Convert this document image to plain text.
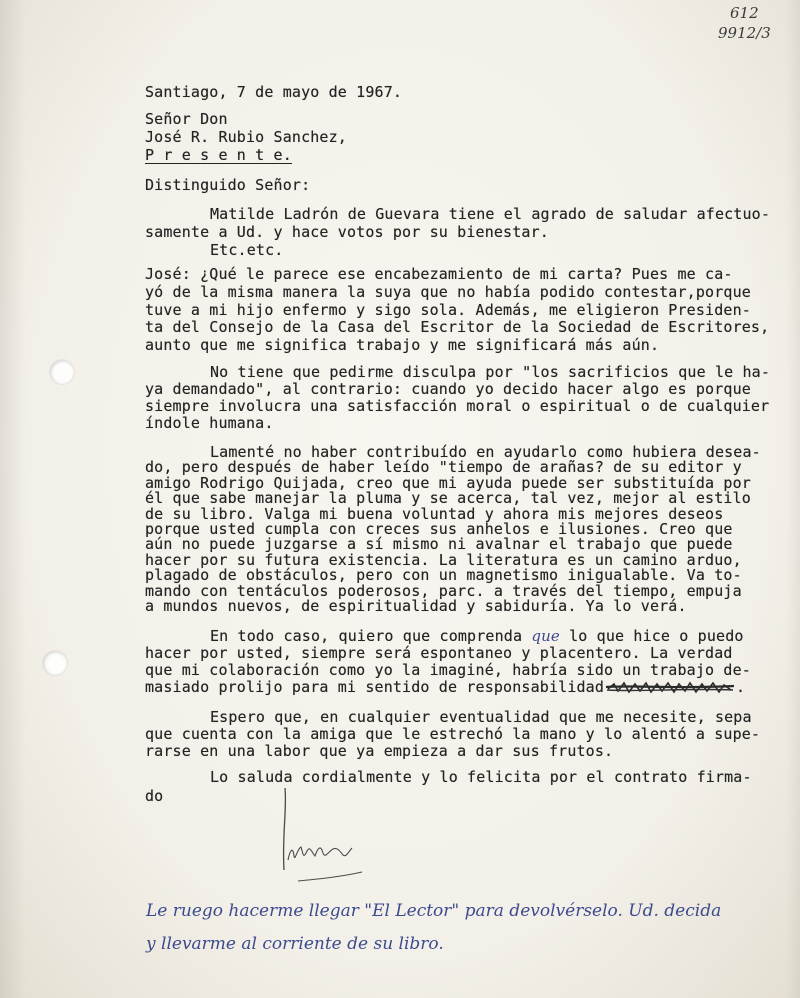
612
9912/3
Santiago, 7 de mayo de 1967.
Señor Don
José R. Rubio Sanchez,
P r e s e n t e.
Distinguido Señor:
Matilde Ladrón de Guevara tiene el agrado de saludar afectuo-
samente a Ud. y hace votos por su bienestar.
Etc.etc.
José: ¿Qué le parece ese encabezamiento de mi carta? Pues me ca-
yó de la misma manera la suya que no había podido contestar,porque
tuve a mi hijo enfermo y sigo sola. Además, me eligieron Presiden-
ta del Consejo de la Casa del Escritor de la Sociedad de Escritores,
aunto que me significa trabajo y me significará más aún.
No tiene que pedirme disculpa por "los sacrificios que le ha-
ya demandado", al contrario: cuando yo decido hacer algo es porque
siempre involucra una satisfacción moral o espiritual o de cualquier
índole humana.
Lamenté no haber contribuído en ayudarlo como hubiera desea-
do, pero después de haber leído "tiempo de arañas? de su editor y
amigo Rodrigo Quijada, creo que mi ayuda puede ser substituída por
él que sabe manejar la pluma y se acerca, tal vez, mejor al estilo
de su libro. Valga mi buena voluntad y ahora mis mejores deseos
porque usted cumpla con creces sus anhelos e ilusiones. Creo que
aún no puede juzgarse a sí mismo ni avalnar el trabajo que puede
hacer por su futura existencia. La literatura es un camino arduo,
plagado de obstáculos, pero con un magnetismo inigualable. Va to-
mando con tentáculos poderosos, parc. a través del tiempo, empuja
a mundos nuevos, de espiritualidad y sabiduría. Ya lo verá.
En todo caso, quiero que comprenda que lo que hice o puedo
hacer por usted, siempre será espontaneo y placentero. La verdad
que mi colaboración como yo la imaginé, habría sido un trabajo de-
masiado prolijo para mi sentido de responsabilidad	.
Espero que, en cualquier eventualidad que me necesite, sepa
que cuenta con la amiga que le estrechó la mano y lo alentó a supe-
rarse en una labor que ya empieza a dar sus frutos.
Lo saluda cordialmente y lo felicita por el contrato firma-
do
Le ruego hacerme llegar "El Lector" para devolvérselo. Ud. decida
y llevarme al corriente de su libro.
